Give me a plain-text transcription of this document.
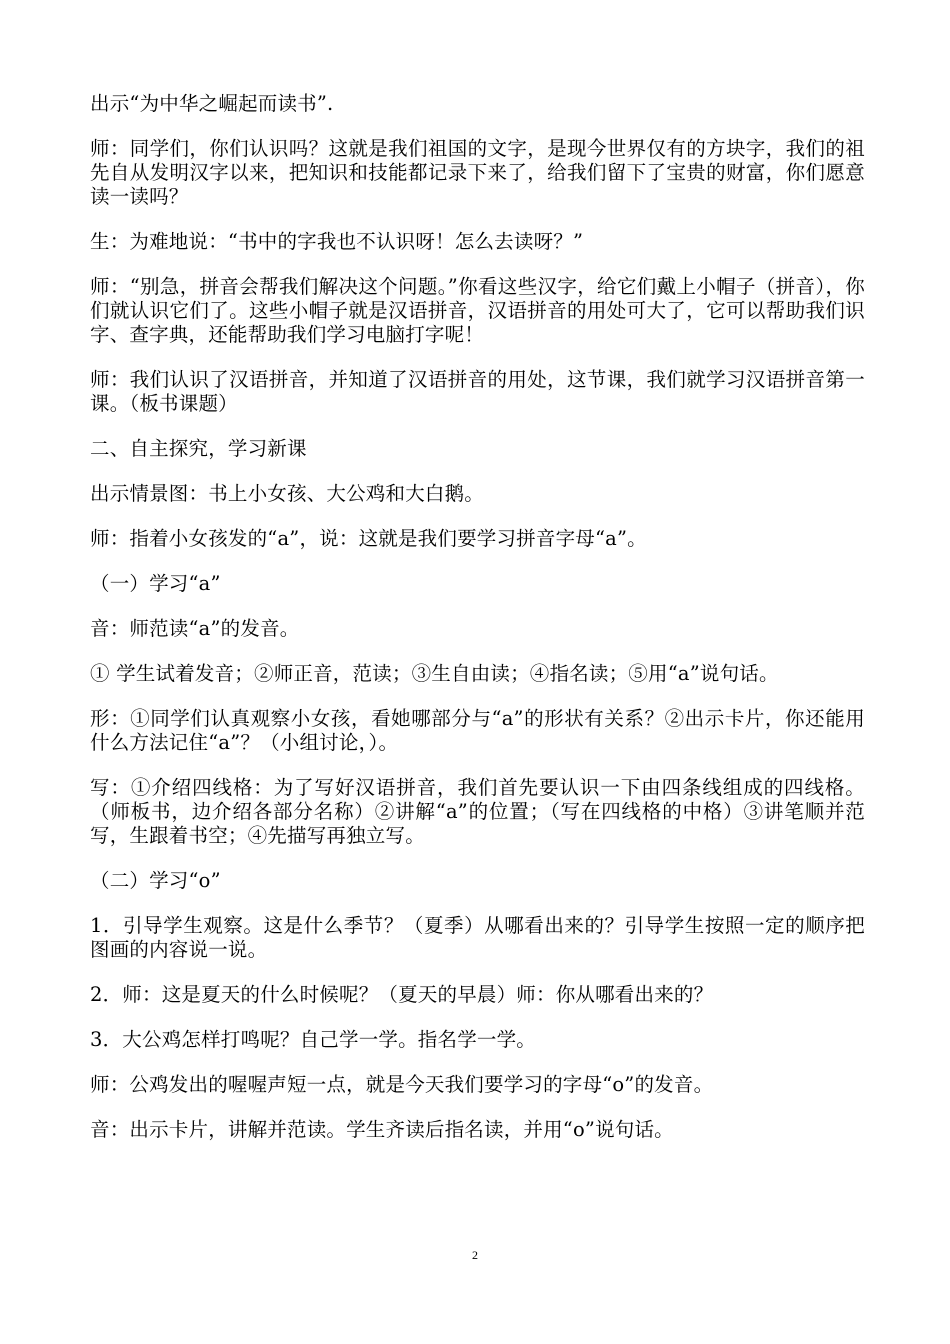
出示“为中华之崛起而读书”.

师：同学们，你们认识吗？这就是我们祖国的文字，是现今世界仅有的方块字，我们的祖先自从发明汉字以来，把知识和技能都记录下来了，给我们留下了宝贵的财富，你们愿意读一读吗？

生：为难地说：“书中的字我也不认识呀！怎么去读呀？”

师：“别急，拼音会帮我们解决这个问题。”你看这些汉字，给它们戴上小帽子（拼音），你们就认识它们了。这些小帽子就是汉语拼音，汉语拼音的用处可大了，它可以帮助我们识字、查字典，还能帮助我们学习电脑打字呢！

师：我们认识了汉语拼音，并知道了汉语拼音的用处，这节课，我们就学习汉语拼音第一课。（板书课题）

二、自主探究，学习新课

出示情景图：书上小女孩、大公鸡和大白鹅。

师：指着小女孩发的“a”，说：这就是我们要学习拼音字母“a”。

（一）学习“a”

音：师范读“a”的发音。

① 学生试着发音；②师正音，范读；③生自由读；④指名读；⑤用“a”说句话。

形：①同学们认真观察小女孩，看她哪部分与“a”的形状有关系？②出示卡片，你还能用什么方法记住“a”？（小组讨论，）。

写：①介绍四线格：为了写好汉语拼音，我们首先要认识一下由四条线组成的四线格。（师板书，边介绍各部分名称）②讲解“a”的位置；（写在四线格的中格）③讲笔顺并范写，生跟着书空；④先描写再独立写。

（二）学习“o”

1．引导学生观察。这是什么季节？（夏季）从哪看出来的？引导学生按照一定的顺序把图画的内容说一说。

2．师：这是夏天的什么时候呢？（夏天的早晨）师：你从哪看出来的？

3．大公鸡怎样打鸣呢？自己学一学。指名学一学。

师：公鸡发出的喔喔声短一点，就是今天我们要学习的字母“o”的发音。

音：出示卡片，讲解并范读。学生齐读后指名读，并用“o”说句话。

2
